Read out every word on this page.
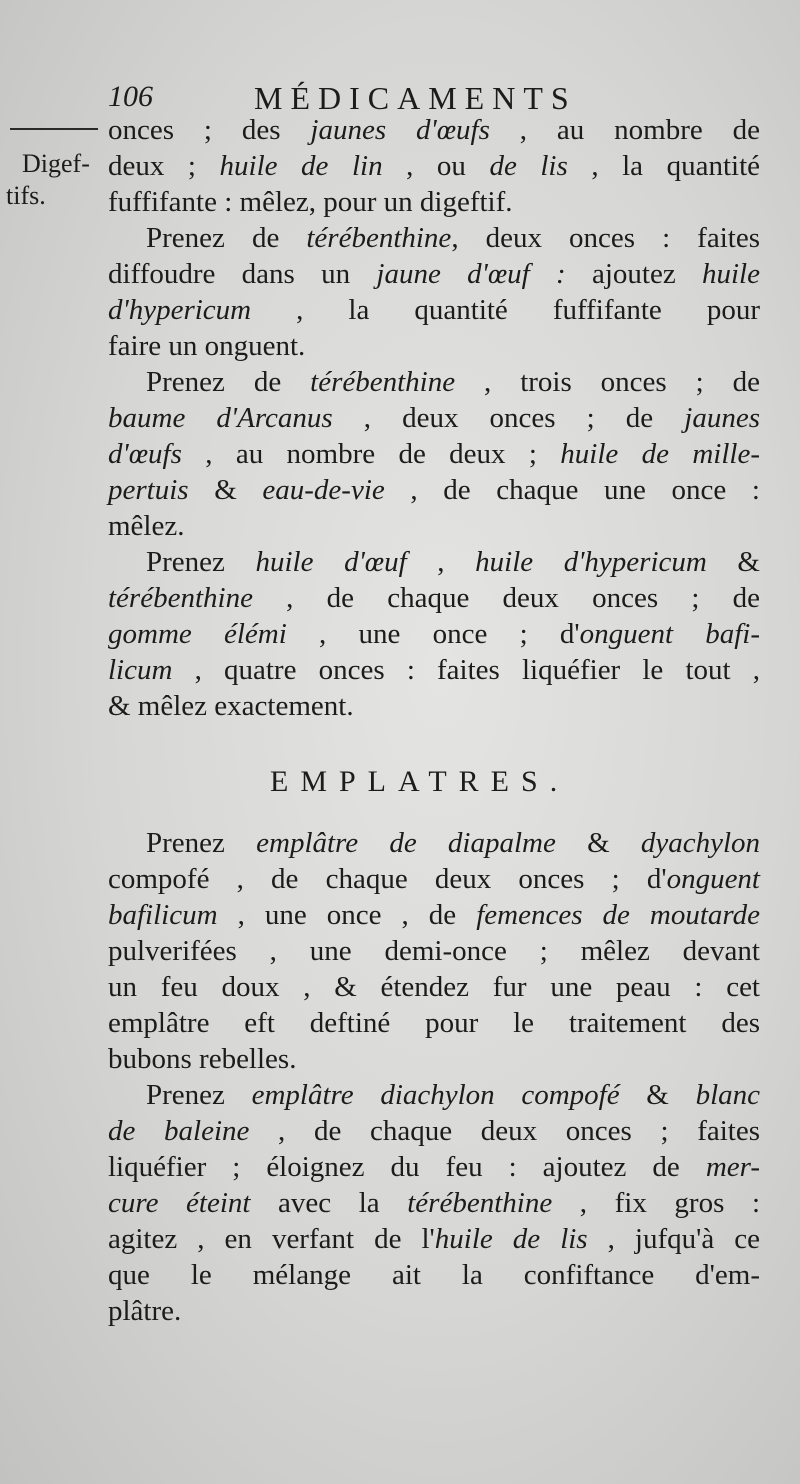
106	MÉDICAMENTS
Digef-
tifs.
onces ; des jaunes d'œufs , au nombre de
deux ; huile de lin , ou de lis , la quantité
fuffifante : mêlez, pour un digeftif.
Prenez de térébenthine, deux onces : faites
diffoudre dans un jaune d'œuf : ajoutez huile
d'hypericum , la quantité fuffifante pour
faire un onguent.
Prenez de térébenthine , trois onces ; de
baume d'Arcanus , deux onces ; de jaunes
d'œufs , au nombre de deux ; huile de mille-
pertuis & eau-de-vie , de chaque une once :
mêlez.
Prenez huile d'œuf , huile d'hypericum &
térébenthine , de chaque deux onces ; de
gomme élémi , une once ; d'onguent bafi-
licum , quatre onces : faites liquéfier le tout ,
& mêlez exactement.
EMPLATRES.
Prenez emplâtre de diapalme & dyachylon
compofé , de chaque deux onces ; d'onguent
bafilicum , une once , de femences de moutarde
pulverifées , une demi-once ; mêlez devant
un feu doux , & étendez fur une peau : cet
emplâtre eft deftiné pour le traitement des
bubons rebelles.
Prenez emplâtre diachylon compofé & blanc
de baleine , de chaque deux onces ; faites
liquéfier ; éloignez du feu : ajoutez de mer-
cure éteint avec la térébenthine , fix gros :
agitez , en verfant de l'huile de lis , jufqu'à ce
que le mélange ait la confiftance d'em-
plâtre.
